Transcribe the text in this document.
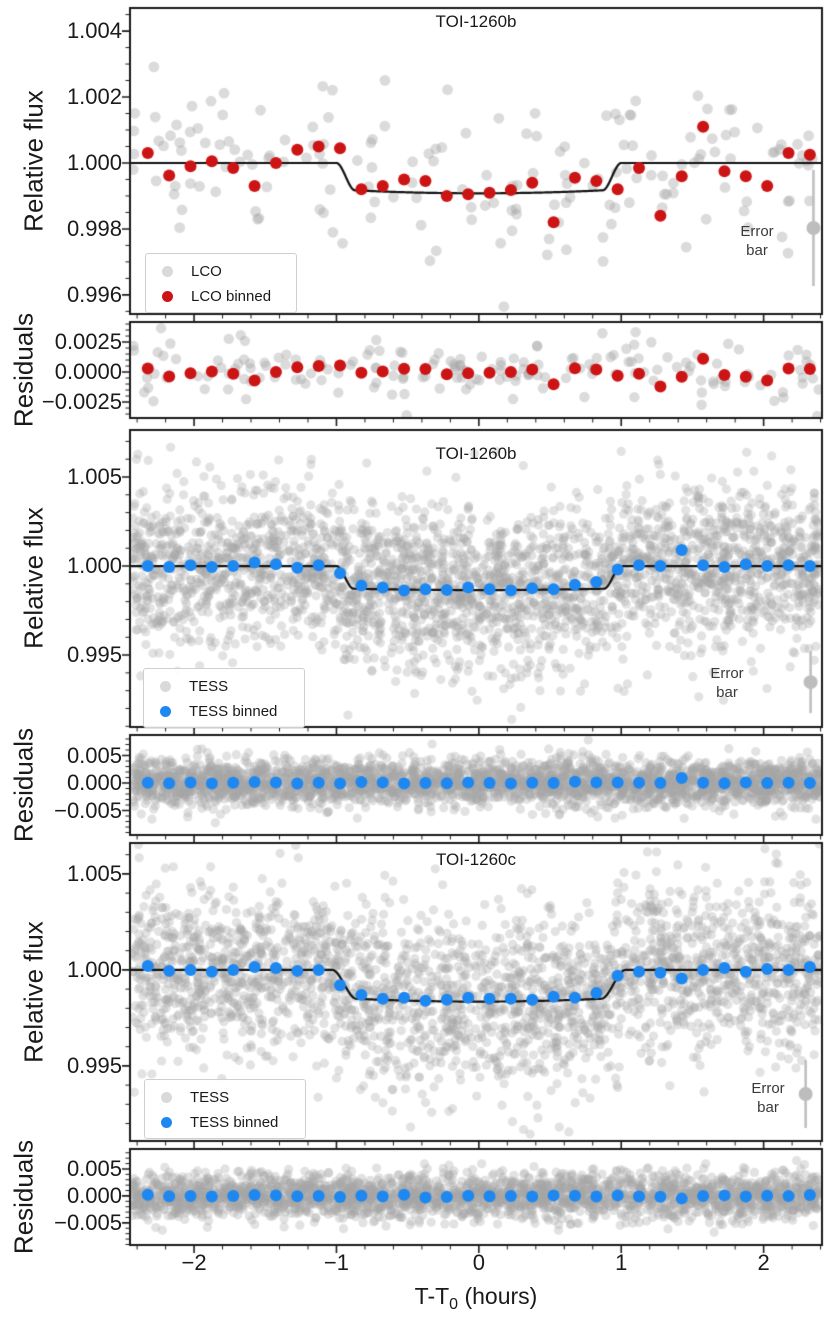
Relative flux
Residuals
Relative flux
Residuals
Relative flux
Residuals
TOI-1260b
TOI-1260b
TOI-1260c
LCO
LCO binned
TESS
TESS binned
TESS
TESS binned
Error
bar
Error
bar
Error
bar
$T-T_0$ (hours)
1.004
1.002
1.000
0.998
0.996
0.0025
0.0000
−0.0025
1.005
1.000
0.995
0.005
0.000
−0.005
1.005
1.000
0.995
0.005
0.000
−0.005
−2	−1	0	1	2
